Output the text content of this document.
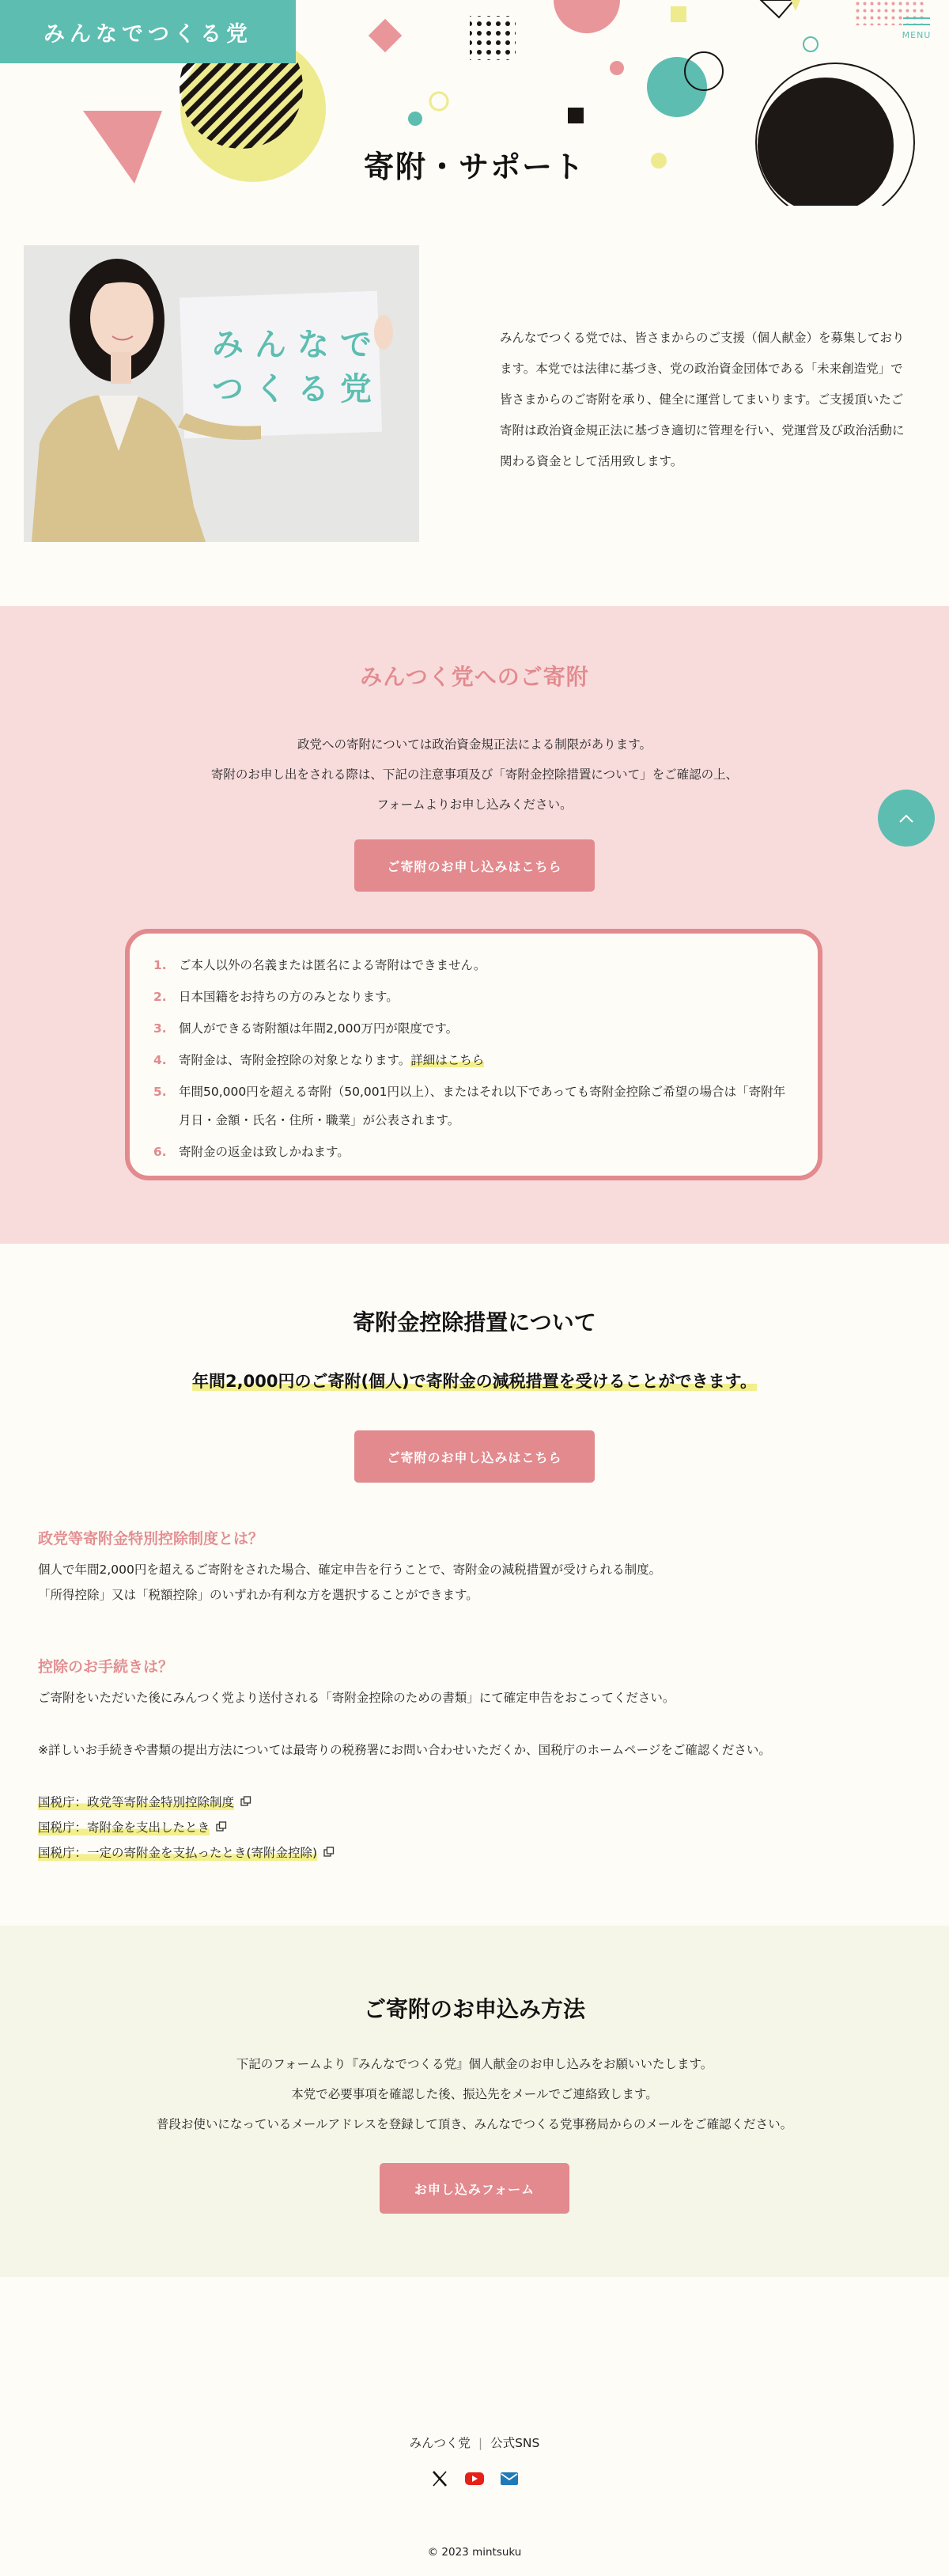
みんなでつくる党	MENU
寄附・サポート
みんなで
つくる党
みんなでつくる党では、皆さまからのご支援（個人献金）を募集しており
ます。本党では法律に基づき、党の政治資金団体である「未来創造党」で
皆さまからのご寄附を承り、健全に運営してまいります。ご支援頂いたご
寄附は政治資金規正法に基づき適切に管理を行い、党運営及び政治活動に
関わる資金として活用致します。
みんつく党へのご寄附
政党への寄附については政治資金規正法による制限があります。
寄附のお申し出をされる際は、下記の注意事項及び「寄附金控除措置について」をご確認の上、
フォームよりお申し込みください。
ご寄附のお申し込みはこちら
1. ご本人以外の名義または匿名による寄附はできません。
2. 日本国籍をお持ちの方のみとなります。
3. 個人ができる寄附額は年間2,000万円が限度です。
4. 寄附金は、寄附金控除の対象となります。詳細はこちら
5. 年間50,000円を超える寄附（50,001円以上）、またはそれ以下であっても寄附金控除ご希望の場合は「寄附年月日・金額・氏名・住所・職業」が公表されます。
6. 寄附金の返金は致しかねます。
寄附金控除措置について
年間2,000円のご寄附(個人)で寄附金の減税措置を受けることができます。
ご寄附のお申し込みはこちら
政党等寄附金特別控除制度とは？
個人で年間2,000円を超えるご寄附をされた場合、確定申告を行うことで、寄附金の減税措置が受けられる制度。
「所得控除」又は「税額控除」のいずれか有利な方を選択することができます。
控除のお手続きは？
ご寄附をいただいた後にみんつく党より送付される「寄附金控除のための書類」にて確定申告をおこってください。
※詳しいお手続きや書類の提出方法については最寄りの税務署にお問い合わせいただくか、国税庁のホームページをご確認ください。
国税庁：政党等寄附金特別控除制度
国税庁：寄附金を支出したとき
国税庁：一定の寄附金を支払ったとき(寄附金控除)
ご寄附のお申込み方法
下記のフォームより『みんなでつくる党』個人献金のお申し込みをお願いいたします。
本党で必要事項を確認した後、振込先をメールでご連絡致します。
普段お使いになっているメールアドレスを登録して頂き、みんなでつくる党事務局からのメールをご確認ください。
お申し込みフォーム
みんつく党 | 公式SNS
© 2023 mintsuku
